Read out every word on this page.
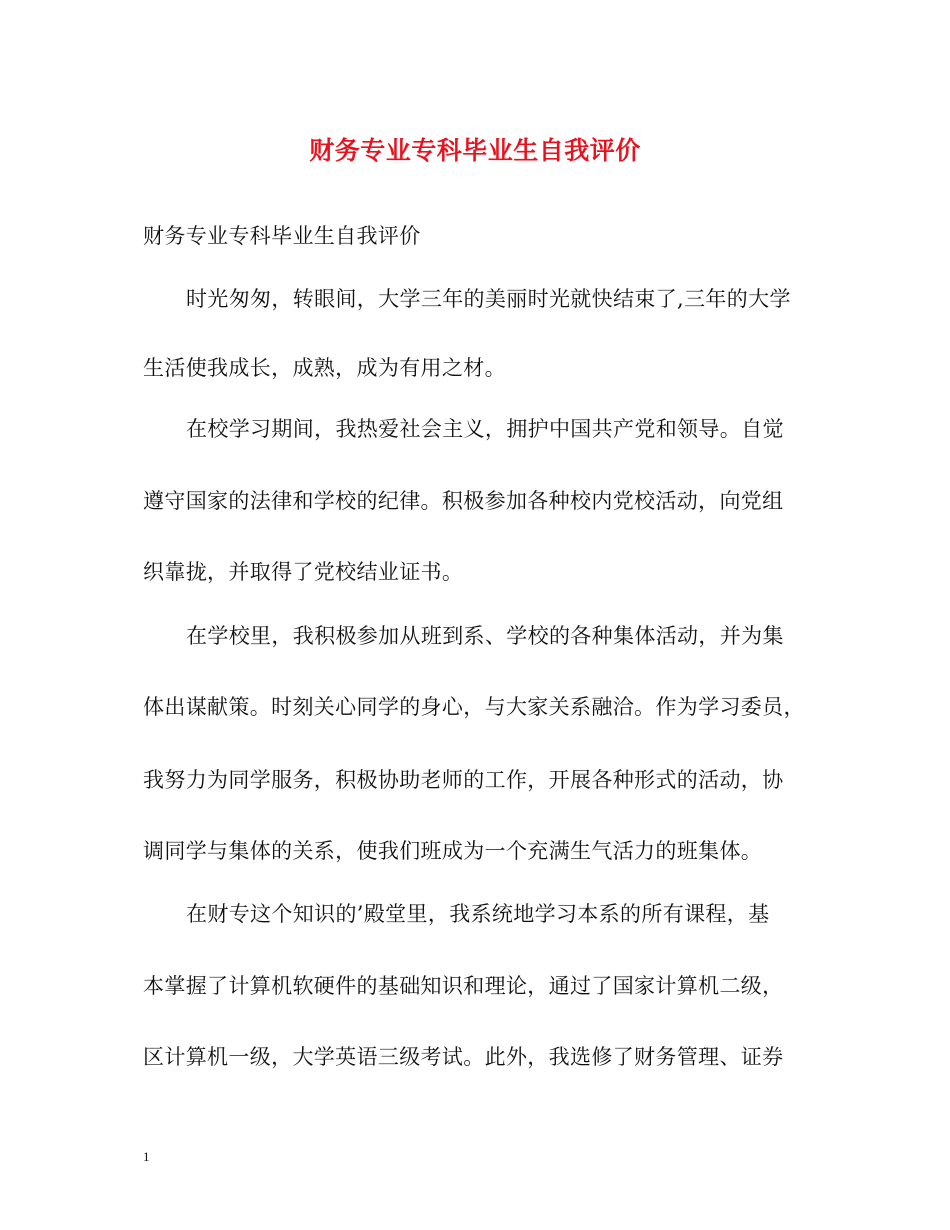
财务专业专科毕业生自我评价
财务专业专科毕业生自我评价
时光匆匆，转眼间，大学三年的美丽时光就快结束了,三年的大学
生活使我成长，成熟，成为有用之材。
在校学习期间，我热爱社会主义，拥护中国共产党和领导。自觉
遵守国家的法律和学校的纪律。积极参加各种校内党校活动，向党组
织靠拢，并取得了党校结业证书。
在学校里，我积极参加从班到系、学校的各种集体活动，并为集
体出谋献策。时刻关心同学的身心，与大家关系融洽。作为学习委员，
我努力为同学服务，积极协助老师的工作，开展各种形式的活动，协
调同学与集体的关系，使我们班成为一个充满生气活力的班集体。
在财专这个知识的’殿堂里，我系统地学习本系的所有课程，基
本掌握了计算机软硬件的基础知识和理论，通过了国家计算机二级，
区计算机一级，大学英语三级考试。此外，我选修了财务管理、证券
1
